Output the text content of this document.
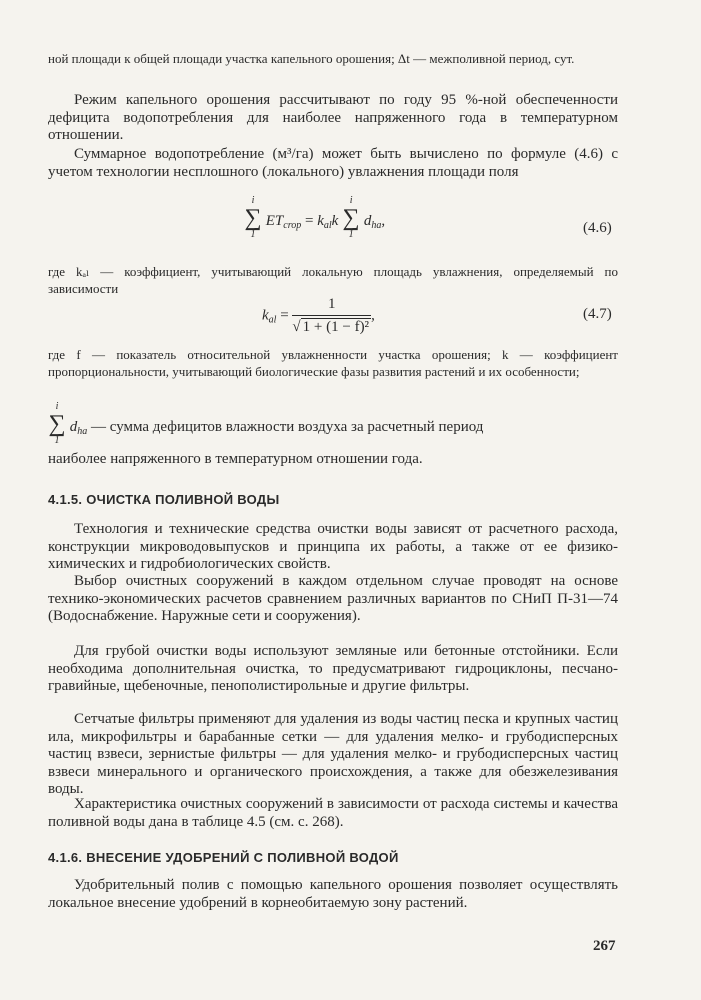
ной площади к общей площади участка капельного орошения; Δt — межполивной период, сут.

Режим капельного орошения рассчитывают по году 95 %-ной обеспеченности дефицита водопотребления для наиболее напряженного года в температурном отношении.

Суммарное водопотребление (м³/га) может быть вычислено по формуле (4.6) с учетом технологии несплошного (локального) увлажнения площади поля

i
∑
1
$ET_{crop} = k_{al}k$
i
∑
1
$d_{ha}$,	(4.6)

где kₐₗ — коэффициент, учитывающий локальную площадь увлажнения, определяемый по зависимости

$k_{al} = \frac{1}{\text{√ 1 + (1 − f)²}}$ ,	(4.7)

где f — показатель относительной увлажненности участка орошения; k — коэффициент пропорциональности, учитывающий биологические фазы развития растений и их особенности;

i
∑
1
$d_{ha}$ — сумма дефицитов влажности воздуха за расчетный период

наиболее напряженного в температурном отношении года.

4.1.5. ОЧИСТКА ПОЛИВНОЙ ВОДЫ

Технология и технические средства очистки воды зависят от расчетного расхода, конструкции микроводовыпусков и принципа их работы, а также от ее физико-химических и гидробиологических свойств.

Выбор очистных сооружений в каждом отдельном случае проводят на основе технико-экономических расчетов сравнением различных вариантов по СНиП П-31—74 (Водоснабжение. Наружные сети и сооружения).

Для грубой очистки воды используют земляные или бетонные отстойники. Если необходима дополнительная очистка, то предусматривают гидроциклоны, песчано-гравийные, щебеночные, пенополистирольные и другие фильтры.

Сетчатые фильтры применяют для удаления из воды частиц песка и крупных частиц ила, микрофильтры и барабанные сетки — для удаления мелко- и грубодисперсных частиц взвеси, зернистые фильтры — для удаления мелко- и грубодисперсных частиц взвеси минерального и органического происхождения, а также для обезжелезивания воды.

Характеристика очистных сооружений в зависимости от расхода системы и качества поливной воды дана в таблице 4.5 (см. с. 268).

4.1.6. ВНЕСЕНИЕ УДОБРЕНИЙ С ПОЛИВНОЙ ВОДОЙ

Удобрительный полив с помощью капельного орошения позволяет осуществлять локальное внесение удобрений в корнеобитаемую зону растений.

267
